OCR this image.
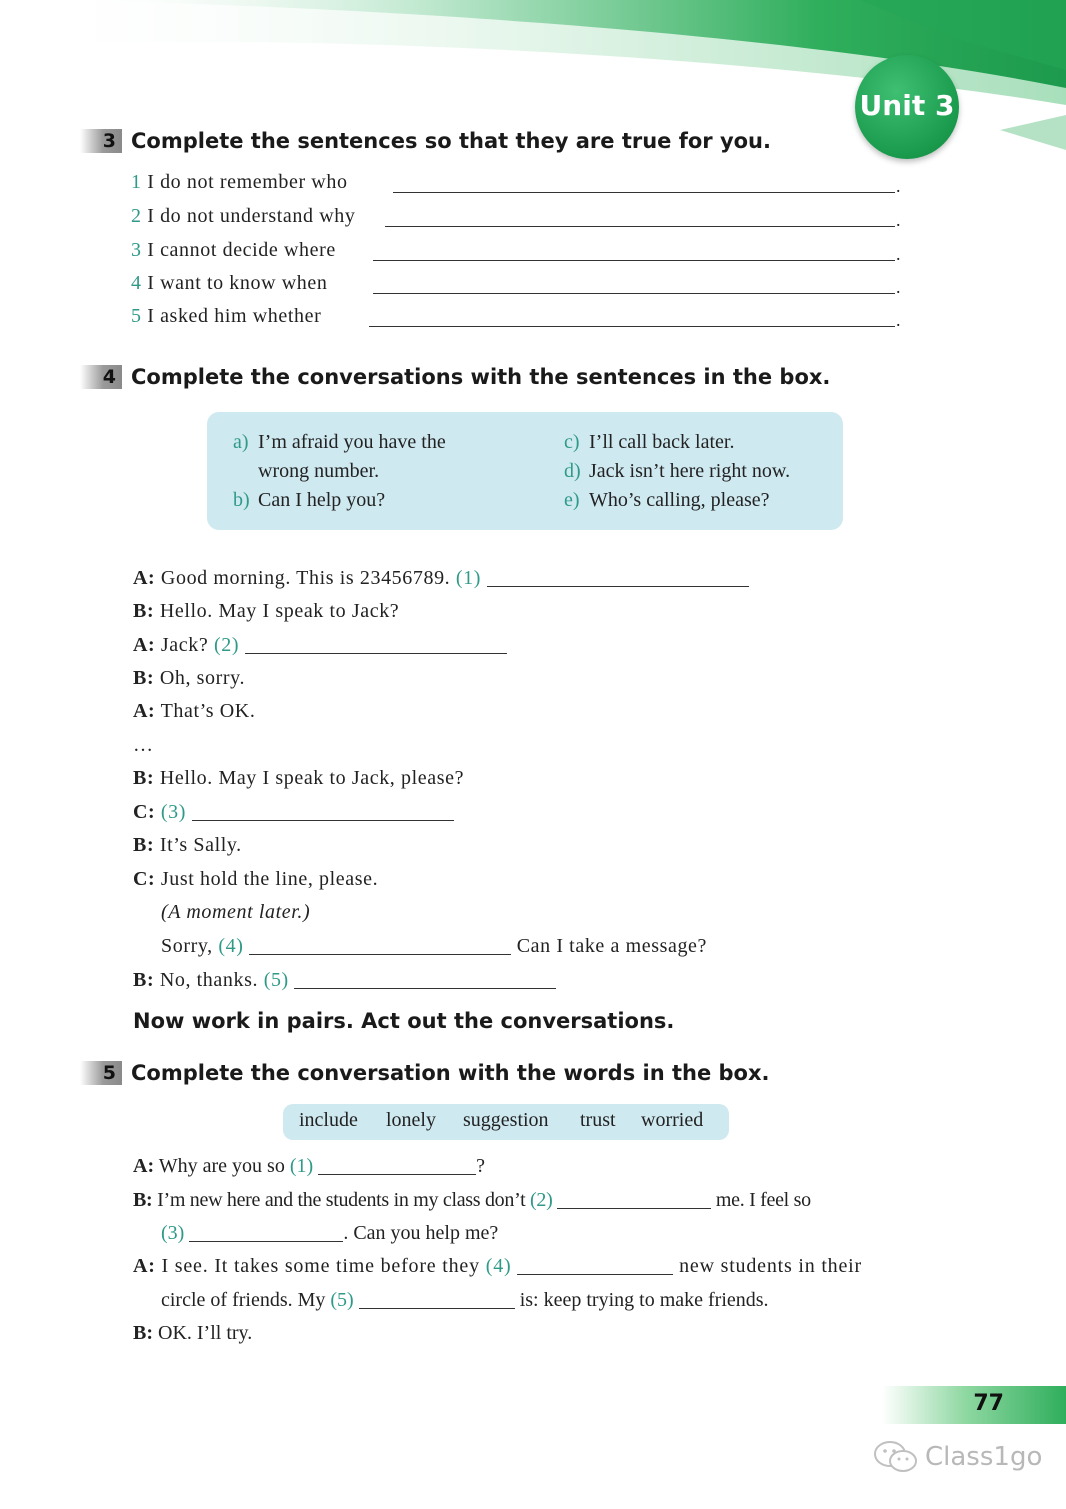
Unit 3
3 Complete the sentences so that they are true for you.
1 I do not remember who	.
2 I do not understand why	.
3 I cannot decide where	.
4 I want to know when	.
5 I asked him whether	.
4 Complete the conversations with the sentences in the box.
a) I’m afraid you have the
wrong number.
b) Can I help you?
c) I’ll call back later.
d) Jack isn’t here right now.
e) Who’s calling, please?
A: Good morning. This is 23456789. (1)
B: Hello. May I speak to Jack?
A: Jack? (2)
B: Oh, sorry.
A: That’s OK.
…
B: Hello. May I speak to Jack, please?
C: (3)
B: It’s Sally.
C: Just hold the line, please.
(A moment later.)
Sorry, (4)	Can I take a message?
B: No, thanks. (5)
Now work in pairs. Act out the conversations.
5 Complete the conversation with the words in the box.
include lonely suggestion trust worried
A: Why are you so (1)	?
B: I’m new here and the students in my class don’t (2)	me. I feel so
(3)	. Can you help me?
A: I see. It takes some time before they (4)	new students in their
circle of friends. My (5)	is: keep trying to make friends.
B: OK. I’ll try.
77
Class1go
